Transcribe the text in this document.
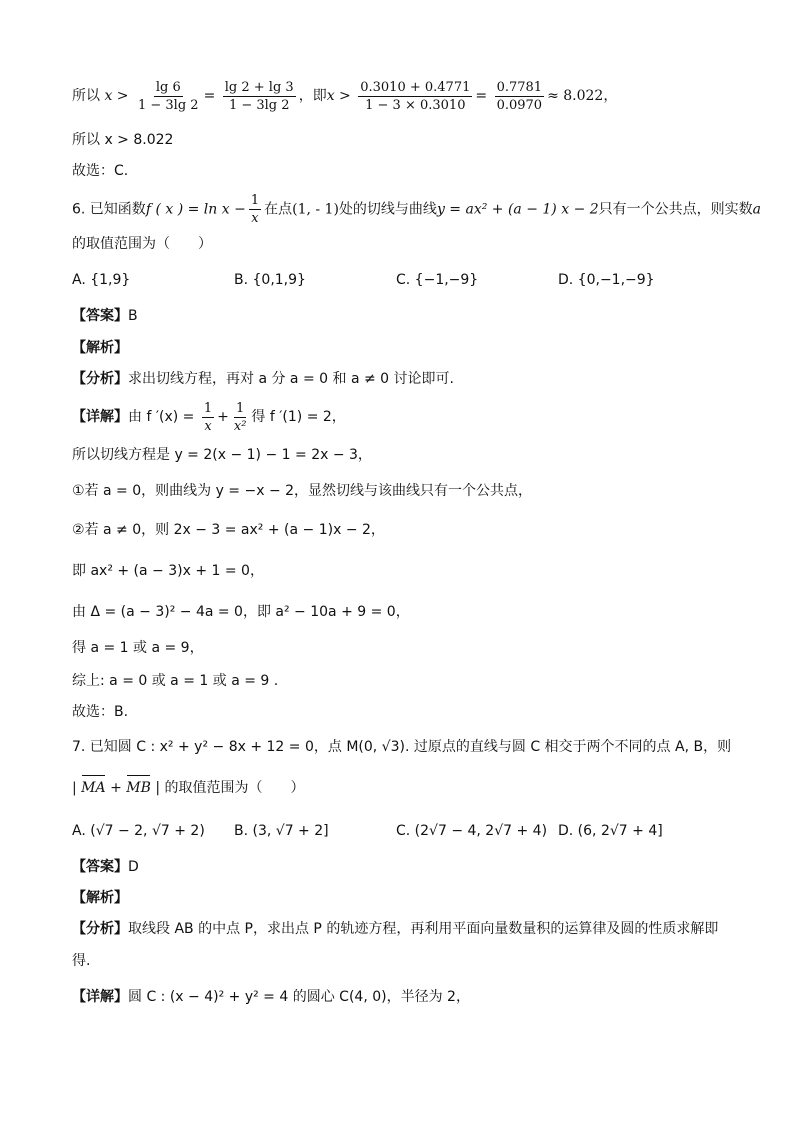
所以 $x > \frac{\lg 6}{1 - 3\lg 2} = \frac{\lg 2 + \lg 3}{1 - 3\lg 2}$ ，即$x > \frac{0.3010 + 0.4771}{1 - 3 \times 0.3010} = \frac{0.7781}{0.0970} \approx 8.022$，
所以 x > 8.022
故选：C.
6. 已知函数f ( x ) = $\ln x - \frac{1}{x}$ 在点(1, - 1)处的切线与曲线y = ax² + (a − 1) x − 2只有一个公共点，则实数a
的取值范围为（　　）
A. {1,9}	B. {0,1,9}	C. {−1,−9}	D. {0,−1,−9}
【答案】B
【解析】
【分析】求出切线方程，再对 a 分 a = 0 和 a ≠ 0 讨论即可.
【详解】由 f $'(x) = \frac{1}{x} + \frac{1}{\text{x²}}$ 得 f ′(1) = 2，
所以切线方程是 y = 2(x − 1) − 1 = 2x − 3，
①若 a = 0，则曲线为 y = −x − 2，显然切线与该曲线只有一个公共点，
②若 a ≠ 0，则 2x − 3 = ax² + (a − 1)x − 2，
即 ax² + (a − 3)x + 1 = 0，
由 Δ = (a − 3)² − 4a = 0，即 a² − 10a + 9 = 0，
得 a = 1 或 a = 9，
综上: a = 0 或 a = 1 或 a = 9 .
故选：B.
7. 已知圆 C : x² + y² − 8x + 12 = 0，点 M(0, √3). 过原点的直线与圆 C 相交于两个不同的点 A, B，则
| MA + MB | 的取值范围为（　　）
A. (√7 − 2, √7 + 2) B. (3, √7 + 2]	C. (2√7 − 4, 2√7 + 4) D. (6, 2√7 + 4]
【答案】D
【解析】
【分析】取线段 AB 的中点 P，求出点 P 的轨迹方程，再利用平面向量数量积的运算律及圆的性质求解即
得.
【详解】圆 C : (x − 4)² + y² = 4 的圆心 C(4, 0)，半径为 2，
